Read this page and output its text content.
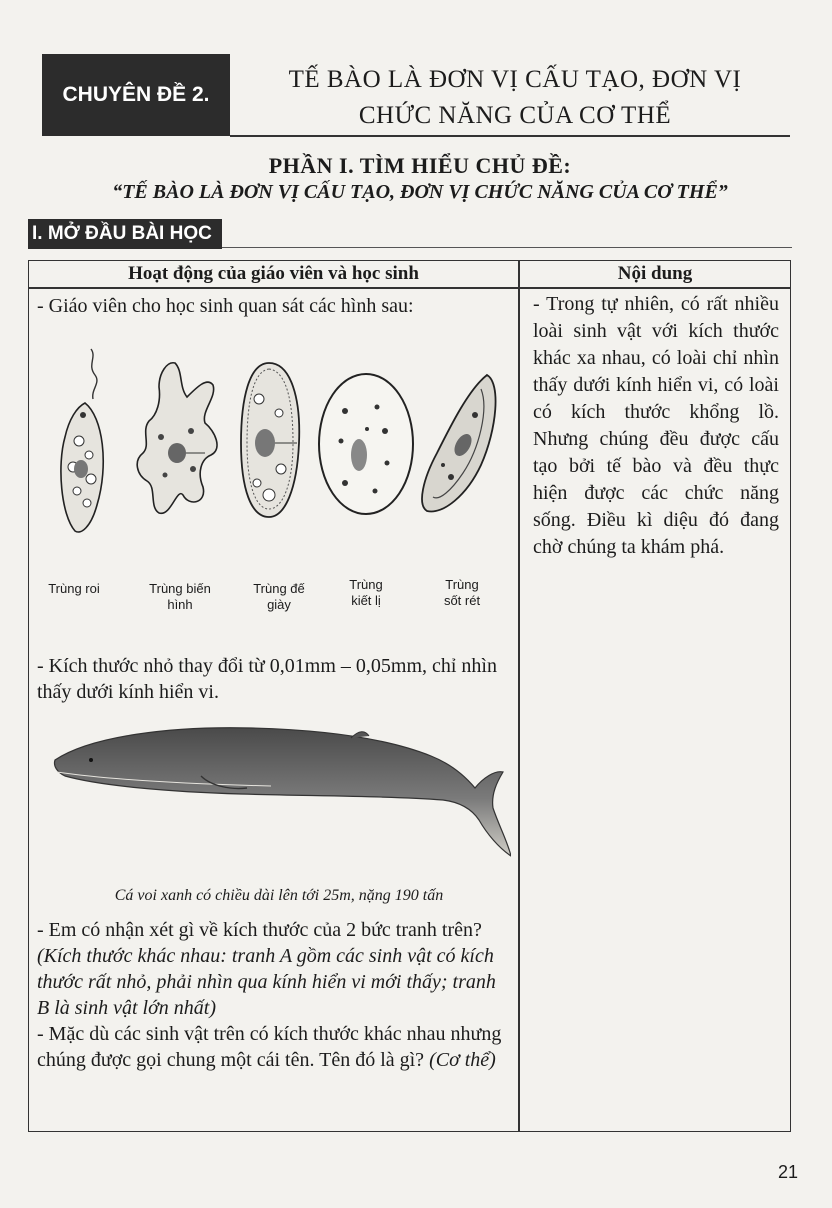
CHUYÊN ĐỀ 2.
TẾ BÀO LÀ ĐƠN VỊ CẤU TẠO, ĐƠN VỊ
CHỨC NĂNG CỦA CƠ THỂ
PHẦN I. TÌM HIỂU CHỦ ĐỀ:
“TẾ BÀO LÀ ĐƠN VỊ CẤU TẠO, ĐƠN VỊ CHỨC NĂNG CỦA CƠ THỂ”
I. MỞ ĐẦU BÀI HỌC
Hoạt động của giáo viên và học sinh	Nội dung
- Giáo viên cho học sinh quan sát các hình sau:
Trùng roi	Trùng biến
hình
Trùng đế
giày
Trùng
kiết lị
Trùng
sốt rét
- Kích thước nhỏ thay đổi từ 0,01mm – 0,05mm, chỉ nhìn thấy dưới kính hiển vi.
Cá voi xanh có chiều dài lên tới 25m, nặng 190 tấn
- Em có nhận xét gì về kích thước của 2 bức tranh trên? (Kích thước khác nhau: tranh A gồm các sinh vật có kích thước rất nhỏ, phải nhìn qua kính hiển vi mới thấy; tranh B là sinh vật lớn nhất)
- Mặc dù các sinh vật trên có kích thước khác nhau nhưng chúng được gọi chung một cái tên. Tên đó là gì? (Cơ thể)
- Trong tự nhiên, có rất nhiều loài sinh vật với kích thước khác xa nhau, có loài chỉ nhìn thấy dưới kính hiển vi, có loài có kích thước khổng lồ. Nhưng chúng đều được cấu tạo bởi tế bào và đều thực hiện được các chức năng sống. Điều kì diệu đó đang chờ chúng ta khám phá.
21
